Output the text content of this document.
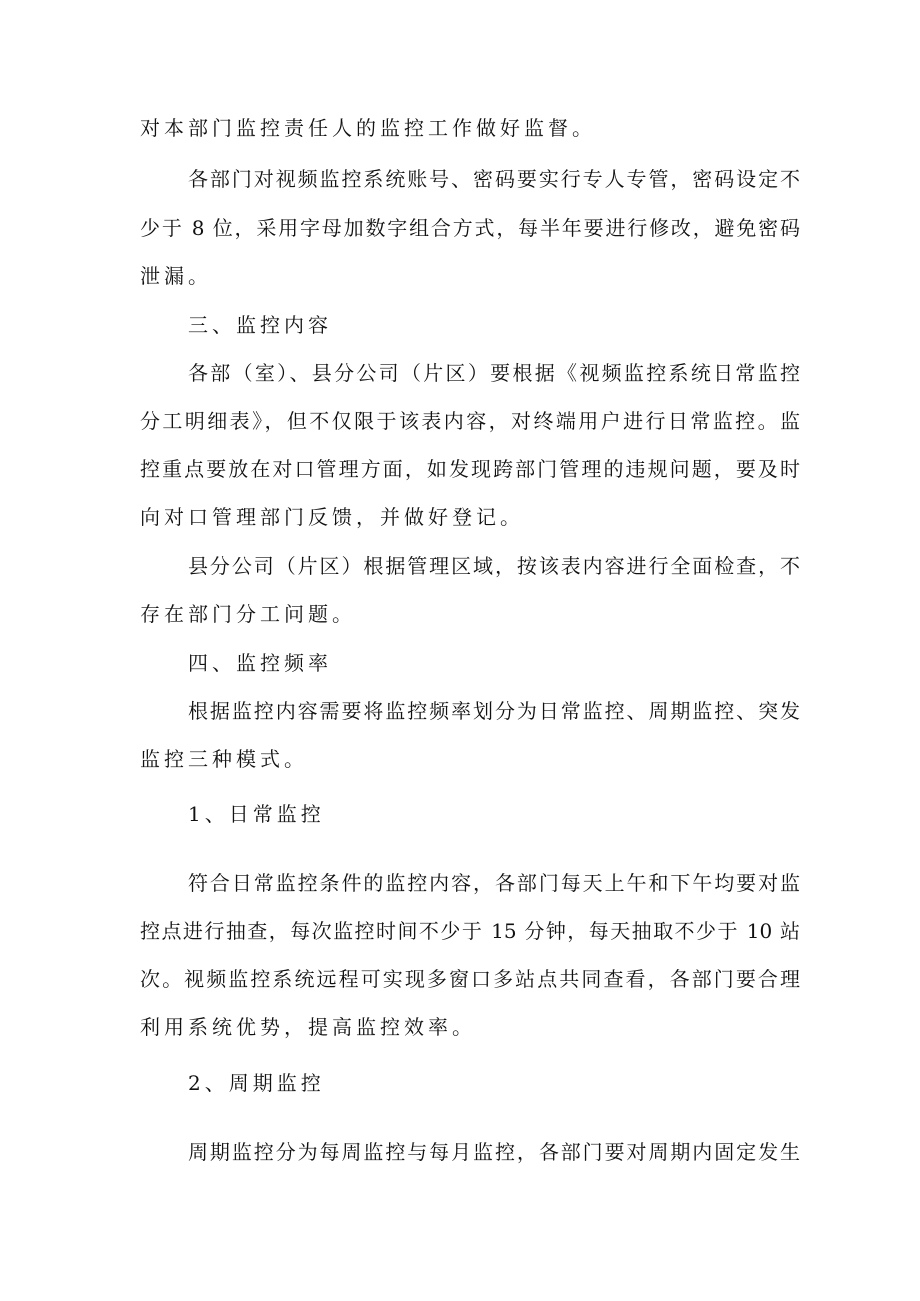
对本部门监控责任人的监控工作做好监督。
各部门对视频监控系统账号、密码要实行专人专管，密码设定不
少于 8 位，采用字母加数字组合方式，每半年要进行修改，避免密码
泄漏。
三、监控内容
各部（室）、县分公司（片区）要根据《视频监控系统日常监控
分工明细表》，但不仅限于该表内容，对终端用户进行日常监控。监
控重点要放在对口管理方面，如发现跨部门管理的违规问题，要及时
向对口管理部门反馈，并做好登记。
县分公司（片区）根据管理区域，按该表内容进行全面检查，不
存在部门分工问题。
四、监控频率
根据监控内容需要将监控频率划分为日常监控、周期监控、突发
监控三种模式。
1、日常监控
符合日常监控条件的监控内容，各部门每天上午和下午均要对监
控点进行抽查，每次监控时间不少于 15 分钟，每天抽取不少于 10 站
次。视频监控系统远程可实现多窗口多站点共同查看，各部门要合理
利用系统优势，提高监控效率。
2、周期监控
周期监控分为每周监控与每月监控，各部门要对周期内固定发生
